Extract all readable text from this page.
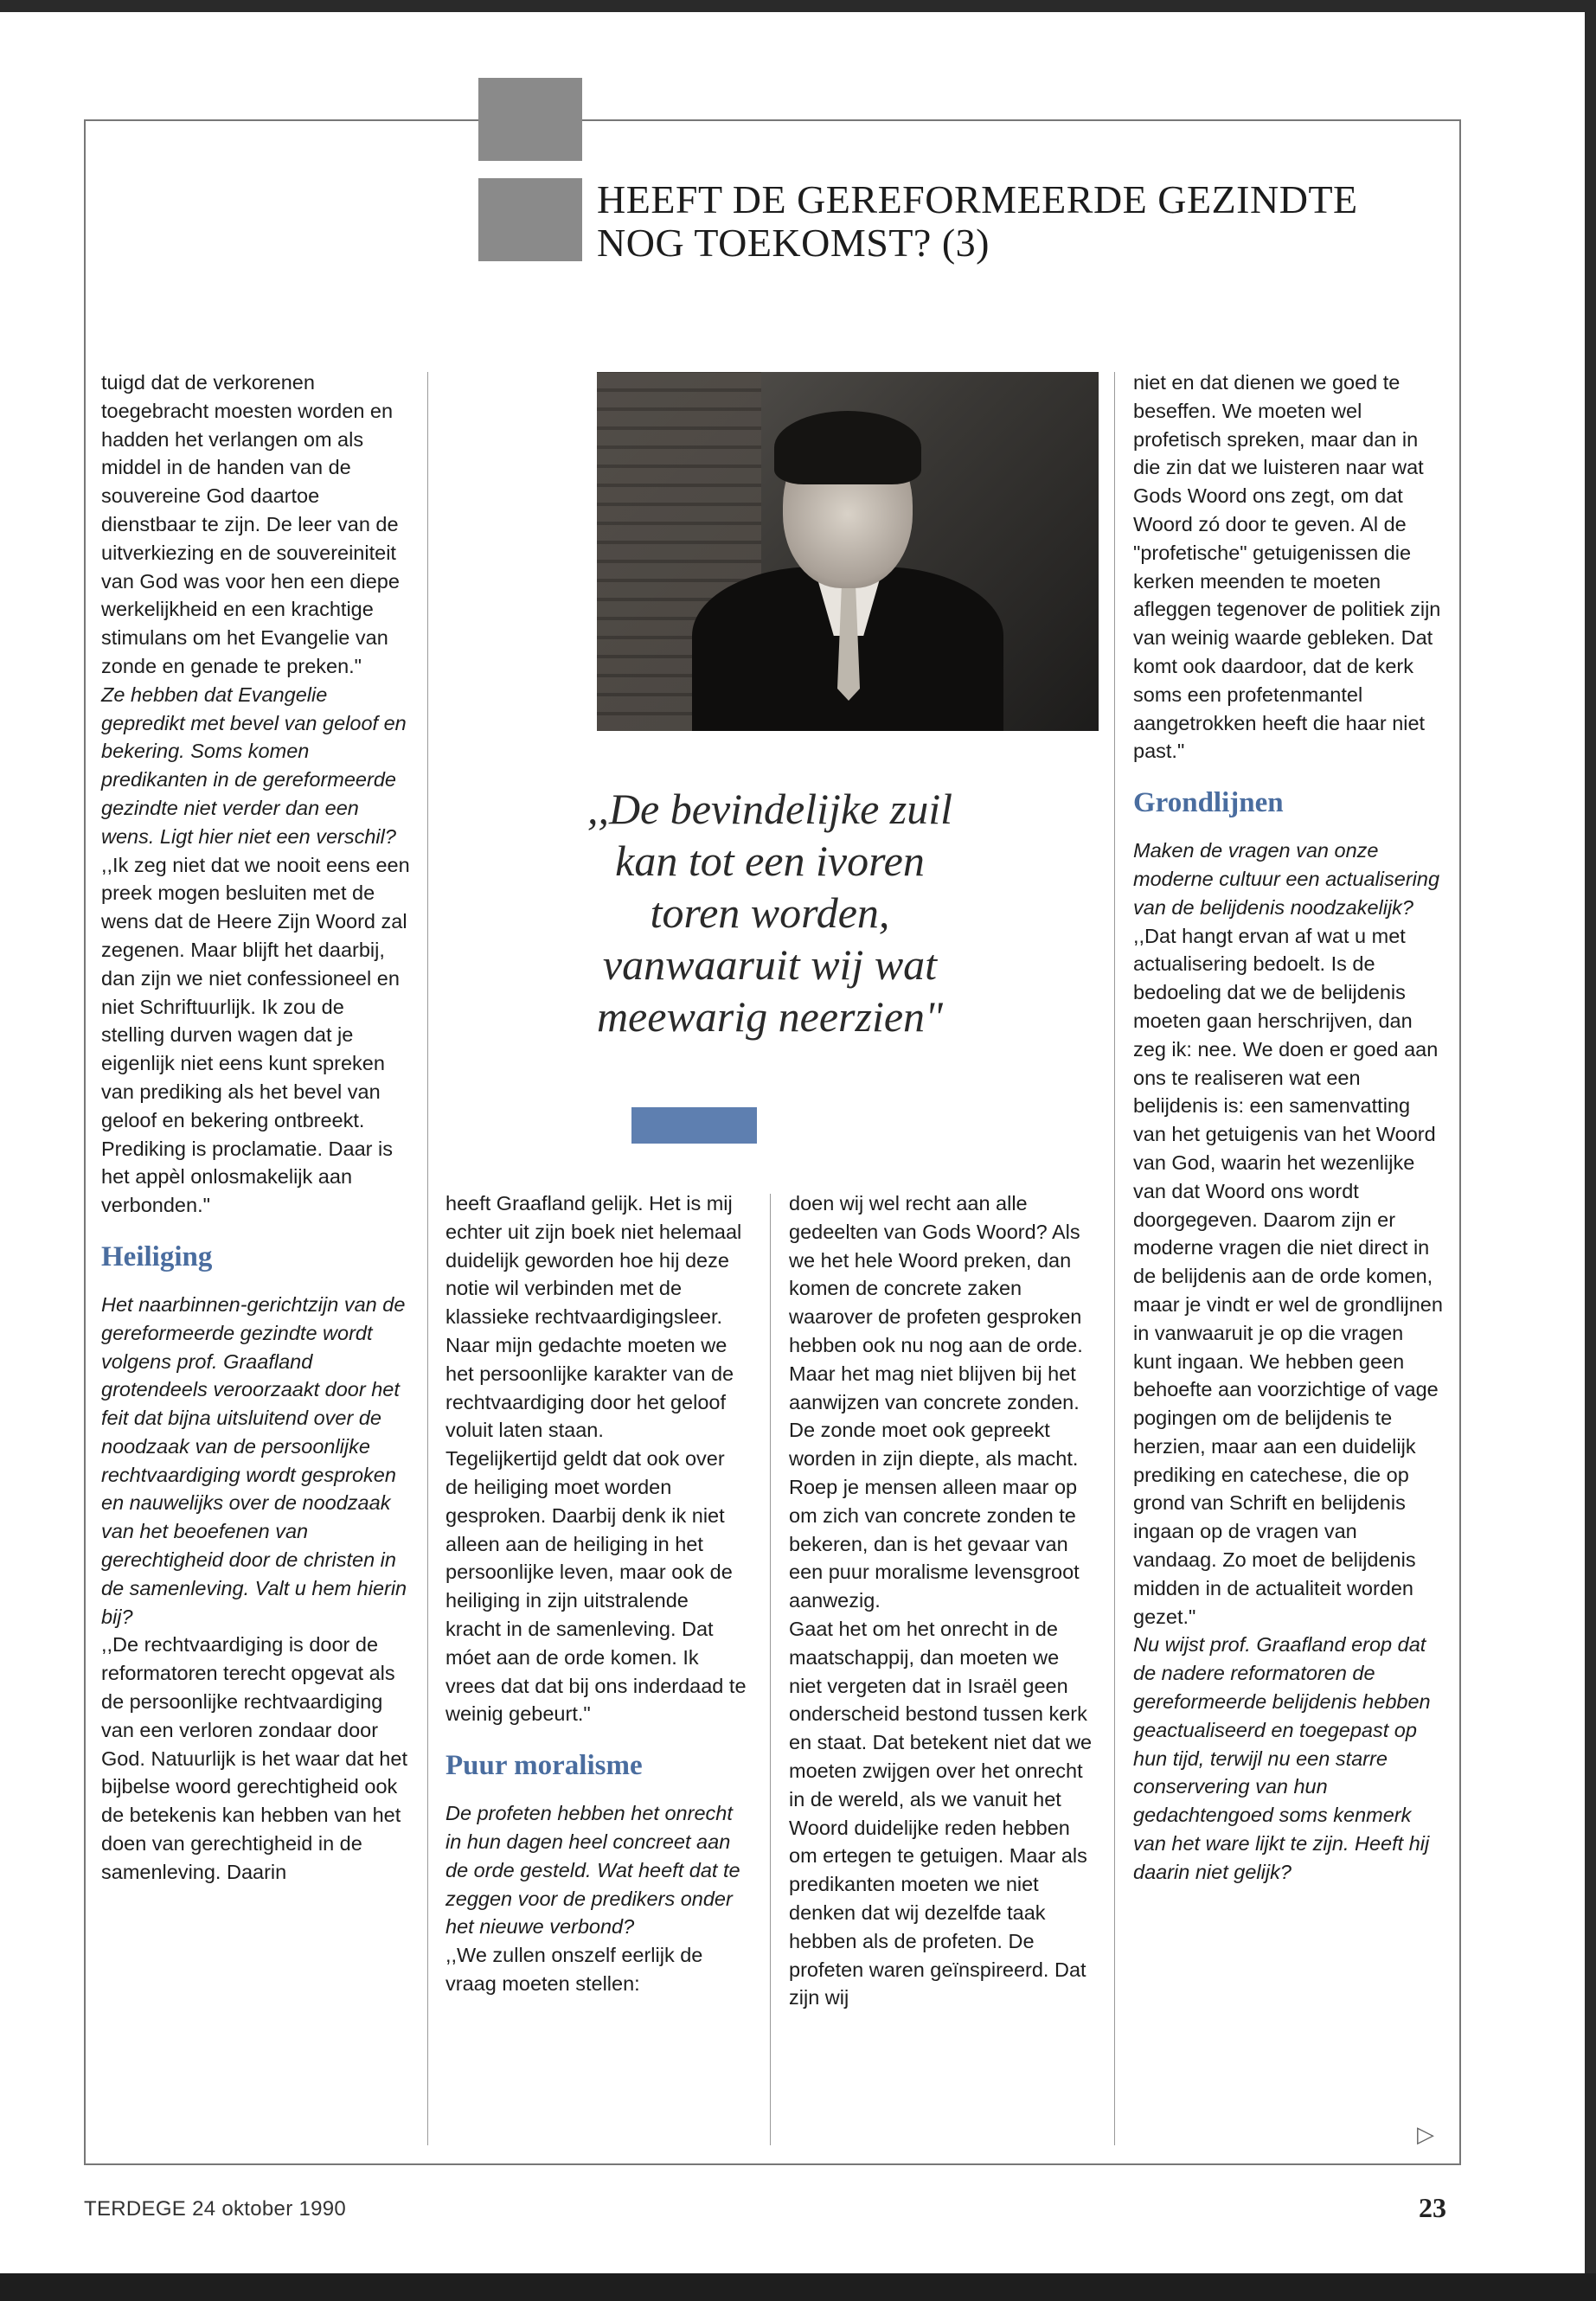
HEEFT DE GEREFORMEERDE GEZINDTE
NOG TOEKOMST? (3)
,,De bevindelijke zuil
kan tot een ivoren
toren worden,
vanwaaruit wij wat
meewarig neerzien"

tuigd dat de verkorenen toegebracht moesten worden en hadden het verlangen om als middel in de handen van de souvereine God daartoe dienstbaar te zijn. De leer van de uitverkiezing en de souvereiniteit van God was voor hen een diepe werkelijkheid en een krachtige stimulans om het Evangelie van zonde en genade te preken."

Ze hebben dat Evangelie gepredikt met bevel van geloof en bekering. Soms komen predikanten in de gereformeerde gezindte niet verder dan een wens. Ligt hier niet een verschil?

,,Ik zeg niet dat we nooit eens een preek mogen besluiten met de wens dat de Heere Zijn Woord zal zegenen. Maar blijft het daarbij, dan zijn we niet confessioneel en niet Schriftuurlijk. Ik zou de stelling durven wagen dat je eigenlijk niet eens kunt spreken van prediking als het bevel van geloof en bekering ontbreekt. Prediking is proclamatie. Daar is het appèl onlosmakelijk aan verbonden."

Heiliging

Het naarbinnen-gerichtzijn van de gereformeerde gezindte wordt volgens prof. Graafland grotendeels veroorzaakt door het feit dat bijna uitsluitend over de noodzaak van de persoonlijke rechtvaardiging wordt gesproken en nauwelijks over de noodzaak van het beoefenen van gerechtigheid door de christen in de samenleving. Valt u hem hierin bij?

,,De rechtvaardiging is door de reformatoren terecht opgevat als de persoonlijke rechtvaardiging van een verloren zondaar door God. Natuurlijk is het waar dat het bijbelse woord gerechtigheid ook de betekenis kan hebben van het doen van gerechtigheid in de samenleving. Daarin

heeft Graafland gelijk. Het is mij echter uit zijn boek niet helemaal duidelijk geworden hoe hij deze notie wil verbinden met de klassieke rechtvaardigingsleer. Naar mijn gedachte moeten we het persoonlijke karakter van de rechtvaardiging door het geloof voluit laten staan.

Tegelijkertijd geldt dat ook over de heiliging moet worden gesproken. Daarbij denk ik niet alleen aan de heiliging in het persoonlijke leven, maar ook de heiliging in zijn uitstralende kracht in de samenleving. Dat móet aan de orde komen. Ik vrees dat dat bij ons inderdaad te weinig gebeurt."

Puur moralisme

De profeten hebben het onrecht in hun dagen heel concreet aan de orde gesteld. Wat heeft dat te zeggen voor de predikers onder het nieuwe verbond?

,,We zullen onszelf eerlijk de vraag moeten stellen:

doen wij wel recht aan alle gedeelten van Gods Woord? Als we het hele Woord preken, dan komen de concrete zaken waarover de profeten gesproken hebben ook nu nog aan de orde. Maar het mag niet blijven bij het aanwijzen van concrete zonden. De zonde moet ook gepreekt worden in zijn diepte, als macht. Roep je mensen alleen maar op om zich van concrete zonden te bekeren, dan is het gevaar van een puur moralisme levensgroot aanwezig.

Gaat het om het onrecht in de maatschappij, dan moeten we niet vergeten dat in Israël geen onderscheid bestond tussen kerk en staat. Dat betekent niet dat we moeten zwijgen over het onrecht in de wereld, als we vanuit het Woord duidelijke reden hebben om ertegen te getuigen. Maar als predikanten moeten we niet denken dat wij dezelfde taak hebben als de profeten. De profeten waren geïnspireerd. Dat zijn wij

niet en dat dienen we goed te beseffen. We moeten wel profetisch spreken, maar dan in die zin dat we luisteren naar wat Gods Woord ons zegt, om dat Woord zó door te geven. Al de "profetische" getuigenissen die kerken meenden te moeten afleggen tegenover de politiek zijn van weinig waarde gebleken. Dat komt ook daardoor, dat de kerk soms een profetenmantel aangetrokken heeft die haar niet past."

Grondlijnen

Maken de vragen van onze moderne cultuur een actualisering van de belijdenis noodzakelijk?

,,Dat hangt ervan af wat u met actualisering bedoelt. Is de bedoeling dat we de belijdenis moeten gaan herschrijven, dan zeg ik: nee. We doen er goed aan ons te realiseren wat een belijdenis is: een samenvatting van het getuigenis van het Woord van God, waarin het wezenlijke van dat Woord ons wordt doorgegeven. Daarom zijn er moderne vragen die niet direct in de belijdenis aan de orde komen, maar je vindt er wel de grondlijnen in vanwaaruit je op die vragen kunt ingaan. We hebben geen behoefte aan voorzichtige of vage pogingen om de belijdenis te herzien, maar aan een duidelijk prediking en catechese, die op grond van Schrift en belijdenis ingaan op de vragen van vandaag. Zo moet de belijdenis midden in de actualiteit worden gezet."

Nu wijst prof. Graafland erop dat de nadere reformatoren de gereformeerde belijdenis hebben geactualiseerd en toegepast op hun tijd, terwijl nu een starre conservering van hun gedachtengoed soms kenmerk van het ware lijkt te zijn. Heeft hij daarin niet gelijk?

▷
TERDEGE 24 oktober 1990	23
